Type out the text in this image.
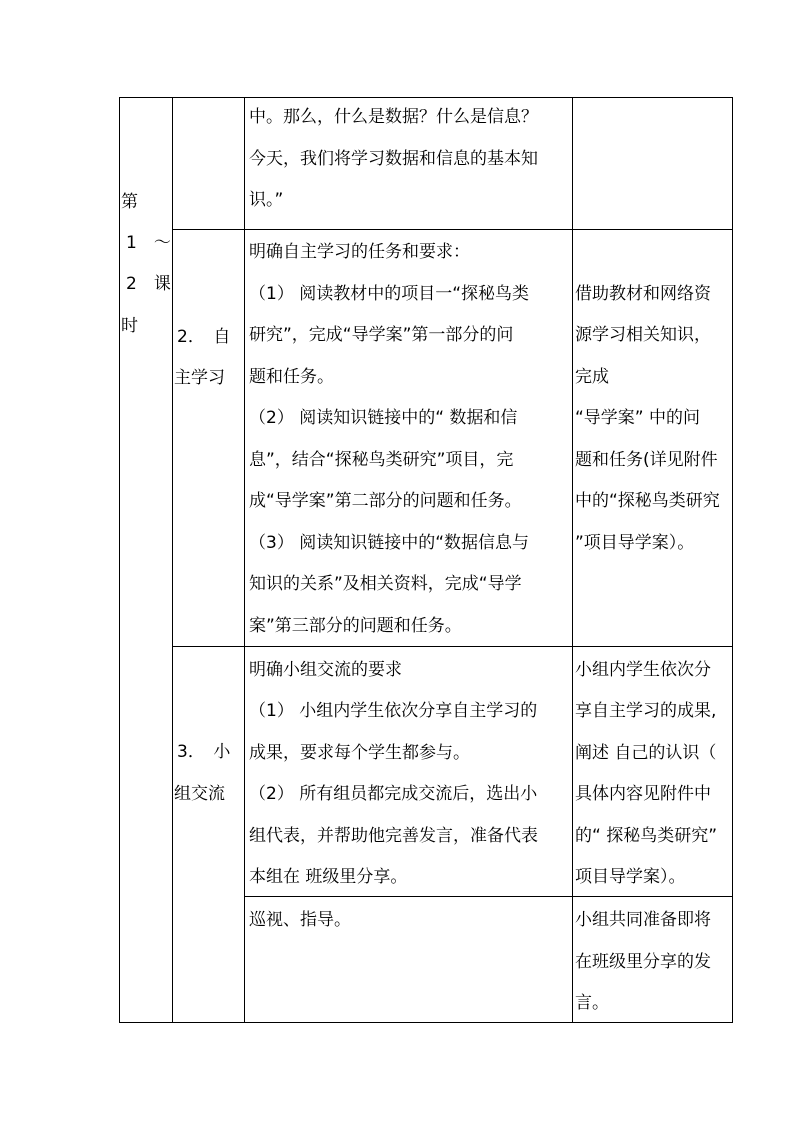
第

1　～

2　课

时

2．　自

主学习

3．　小

组交流

中。那么，什么是数据？什么是信息？

今天，我们将学习数据和信息的基本知

识。”

明确自主学习的任务和要求：

（1） 阅读教材中的项目一“探秘鸟类

研究”，完成“导学案”第一部分的问

题和任务。

（2） 阅读知识链接中的“ 数据和信

息”，结合“探秘鸟类研究”项目，完

成“导学案”第二部分的问题和任务。

（3） 阅读知识链接中的“数据信息与

知识的关系”及相关资料，完成“导学

案”第三部分的问题和任务。

借助教材和网络资

源学习相关知识，

完成

“导学案” 中的问

题和任务(详见附件

中的“探秘鸟类研究

”项目导学案）。

明确小组交流的要求

（1） 小组内学生依次分享自主学习的

成果，要求每个学生都参与。

（2） 所有组员都完成交流后，选出小

组代表，并帮助他完善发言，准备代表

本组在 班级里分享。

小组内学生依次分

享自主学习的成果,

阐述 自己的认识（

具体内容见附件中

的“ 探秘鸟类研究”

项目导学案）。

巡视、指导。	小组共同准备即将

在班级里分享的发

言。
